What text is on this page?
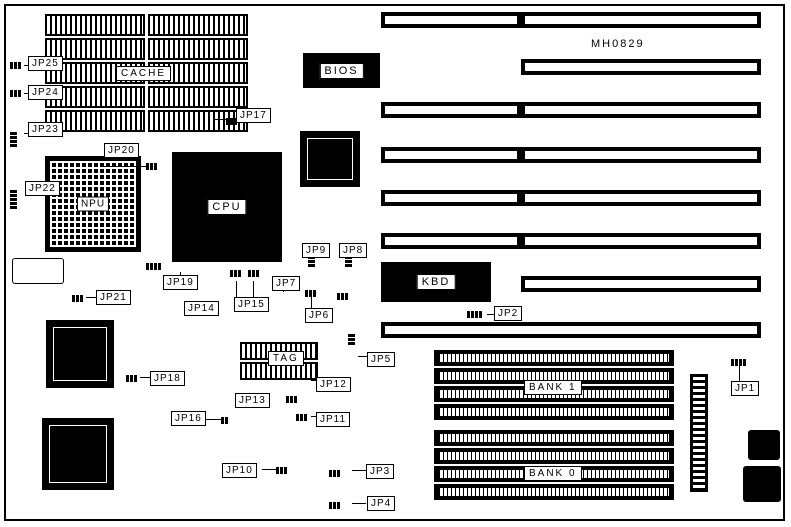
MH0829
KBD
BIOS
CPU
NPU
CACHE
TAG
BANK 1
BANK 0
JP25
JP24
JP23
JP22
JP20
JP21
JP19
JP18
JP17
JP16
JP15
JP14
JP13
JP12
JP11
JP10
JP9	JP8
JP7
JP6
JP5
JP4
JP3
JP2
JP1
